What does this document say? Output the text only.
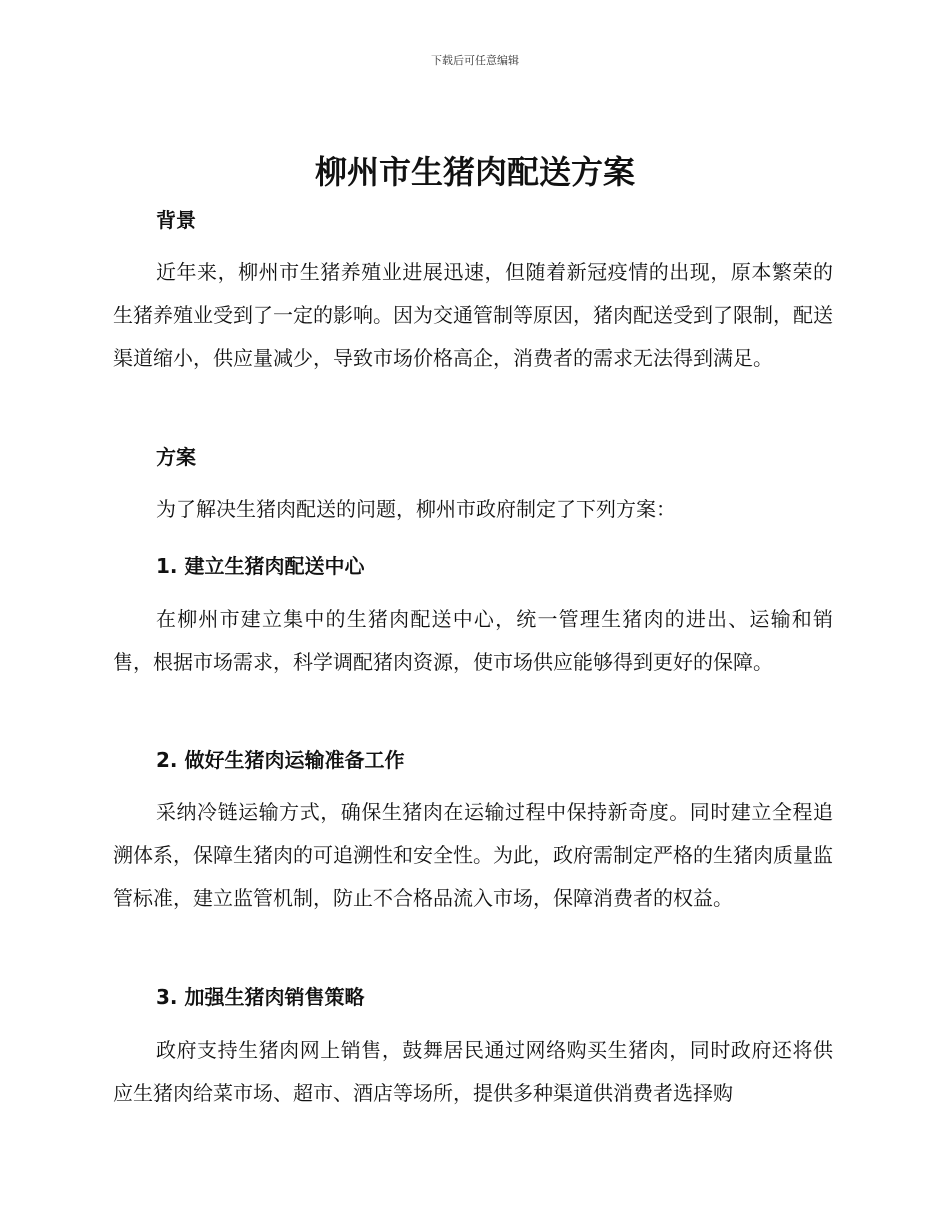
下载后可任意编辑
柳州市生猪肉配送方案
背景

近年来，柳州市生猪养殖业进展迅速，但随着新冠疫情的出现，原本繁荣的生猪养殖业受到了一定的影响。因为交通管制等原因，猪肉配送受到了限制，配送渠道缩小，供应量减少，导致市场价格高企，消费者的需求无法得到满足。

方案

为了解决生猪肉配送的问题，柳州市政府制定了下列方案：

1. 建立生猪肉配送中心

在柳州市建立集中的生猪肉配送中心，统一管理生猪肉的进出、运输和销售，根据市场需求，科学调配猪肉资源，使市场供应能够得到更好的保障。

2. 做好生猪肉运输准备工作

采纳冷链运输方式，确保生猪肉在运输过程中保持新奇度。同时建立全程追溯体系，保障生猪肉的可追溯性和安全性。为此，政府需制定严格的生猪肉质量监管标准，建立监管机制，防止不合格品流入市场，保障消费者的权益。

3. 加强生猪肉销售策略

政府支持生猪肉网上销售，鼓舞居民通过网络购买生猪肉，同时政府还将供应生猪肉给菜市场、超市、酒店等场所，提供多种渠道供消费者选择购
